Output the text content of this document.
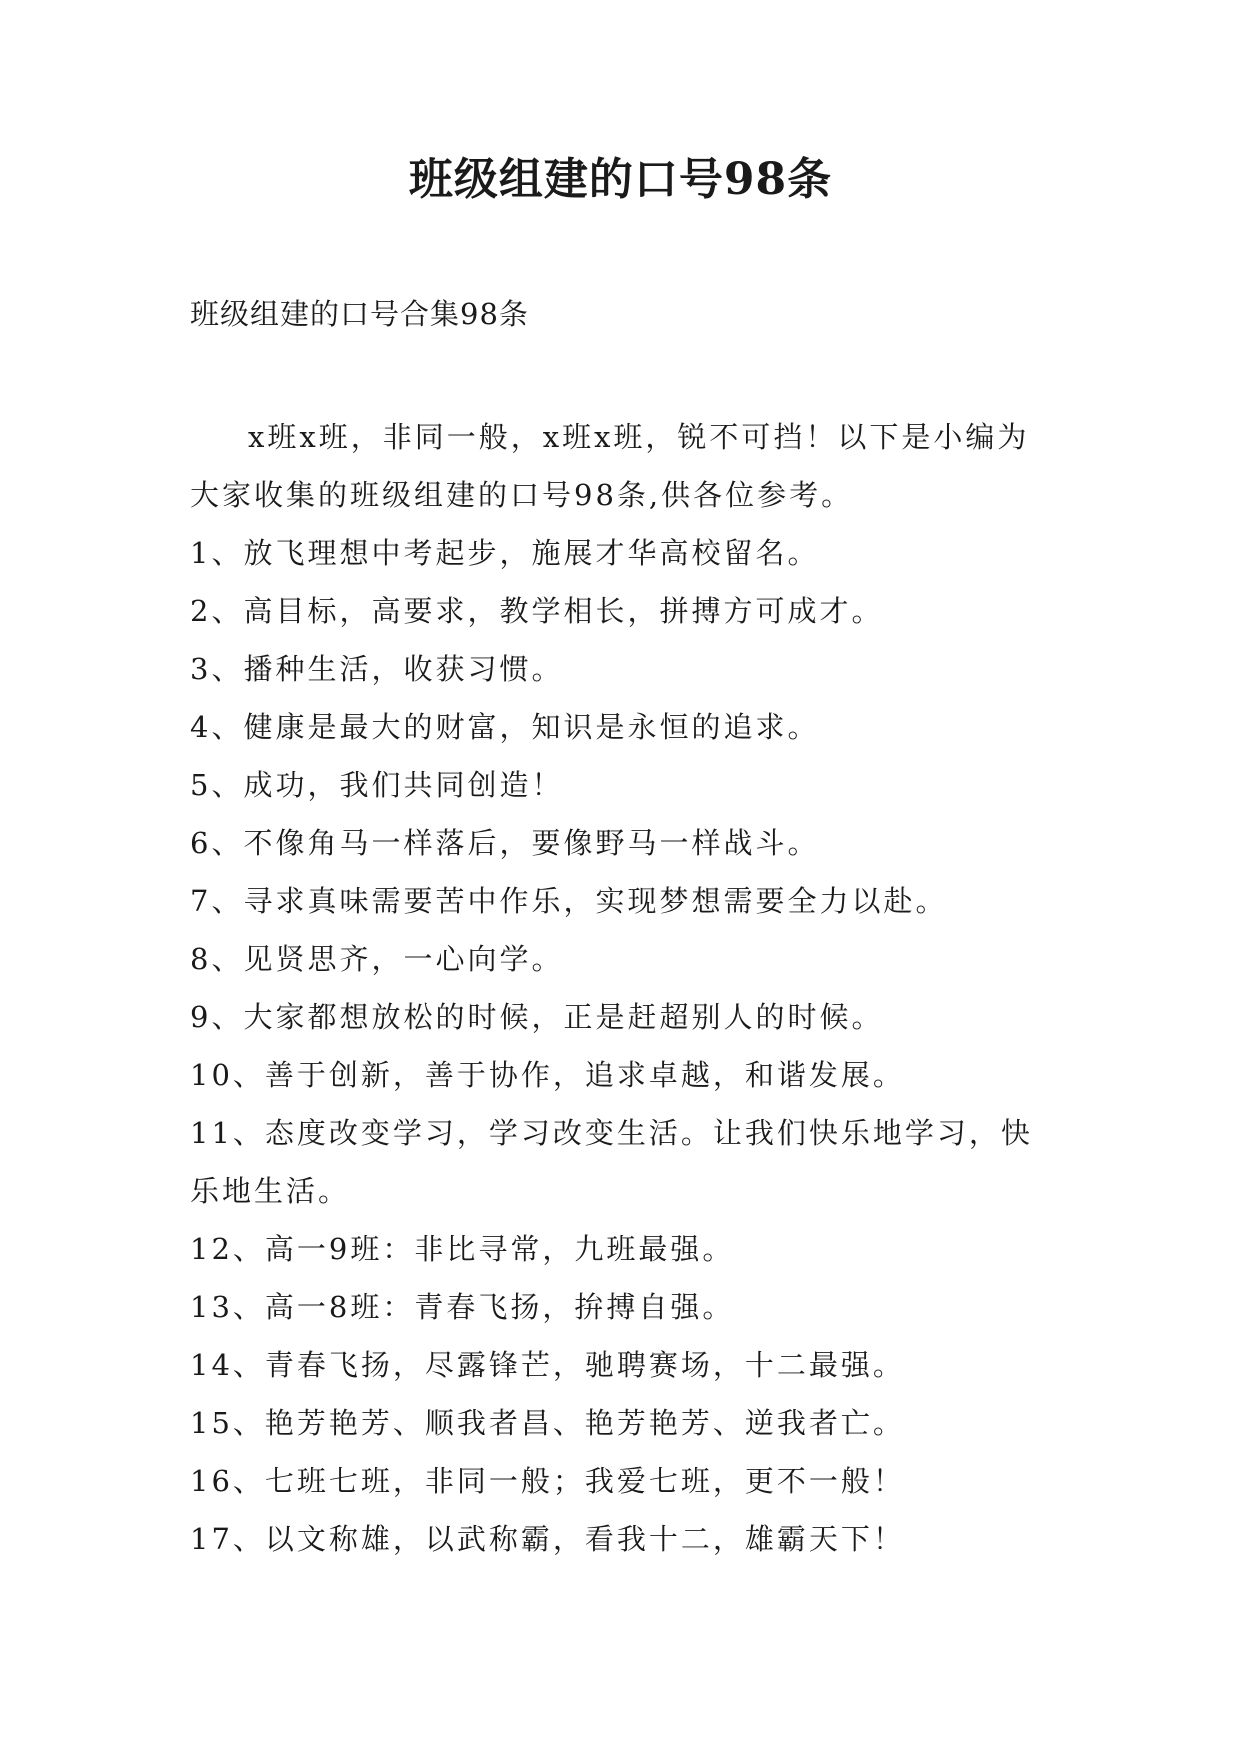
班级组建的口号98条
班级组建的口号合集98条

x班x班，非同一般，x班x班，锐不可挡！以下是小编为大家收集的班级组建的口号98条,供各位参考。

1、放飞理想中考起步，施展才华高校留名。

2、高目标，高要求，教学相长，拼搏方可成才。

3、播种生活，收获习惯。

4、健康是最大的财富，知识是永恒的追求。

5、成功，我们共同创造！

6、不像角马一样落后，要像野马一样战斗。

7、寻求真味需要苦中作乐，实现梦想需要全力以赴。

8、见贤思齐，一心向学。

9、大家都想放松的时候，正是赶超别人的时候。

10、善于创新，善于协作，追求卓越，和谐发展。

11、态度改变学习，学习改变生活。让我们快乐地学习，快乐地生活。

12、高一9班：非比寻常，九班最强。

13、高一8班：青春飞扬，拚搏自强。

14、青春飞扬，尽露锋芒，驰聘赛场，十二最强。

15、艳芳艳芳、顺我者昌、艳芳艳芳、逆我者亡。

16、七班七班，非同一般；我爱七班，更不一般！

17、以文称雄，以武称霸，看我十二，雄霸天下！
